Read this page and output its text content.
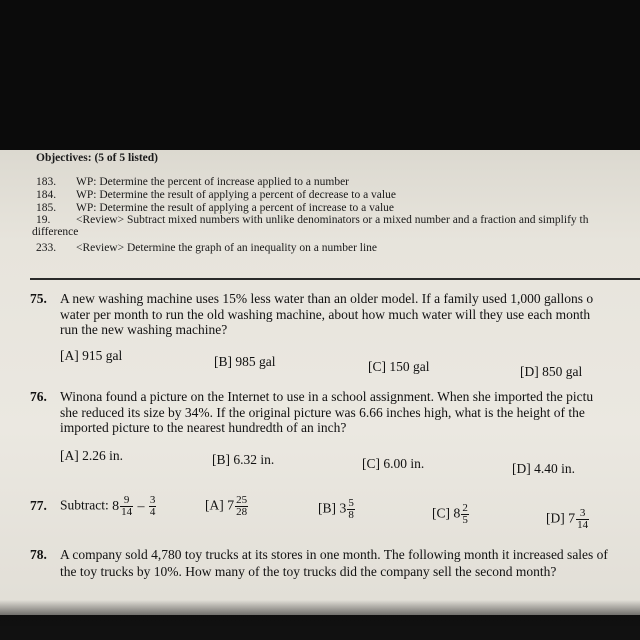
Objectives: (5 of 5 listed)
183. WP: Determine the percent of increase applied to a number
184. WP: Determine the result of applying a percent of decrease to a value
185. WP: Determine the result of applying a percent of increase to a value
19. <Review> Subtract mixed numbers with unlike denominators or a mixed number and a fraction and simplify th
difference
233. <Review> Determine the graph of an inequality on a number line
75. A new washing machine uses 15% less water than an older model. If a family used 1,000 gallons o
water per month to run the old washing machine, about how much water will they use each month
run the new washing machine?
[A] 915 gal	[B] 985 gal	[C] 150 gal	[D] 850 gal
76. Winona found a picture on the Internet to use in a school assignment. When she imported the pictu
she reduced its size by 34%. If the original picture was 6.66 inches high, what is the height of the
imported picture to the nearest hundredth of an inch?
[A] 2.26 in.	[B] 6.32 in.	[C] 6.00 in.	[D] 4.40 in.
77. Subtract: $8 \frac{9}{14} - \frac{3}{4}$	[A] $7 \frac{25}{28}$	[B] $3 \frac{5}{8}$	[C] $8 \frac{2}{5}$	[D] $7 \frac{3}{14}$
78. A company sold 4,780 toy trucks at its stores in one month. The following month it increased sales of
the toy trucks by 10%. How many of the toy trucks did the company sell the second month?
